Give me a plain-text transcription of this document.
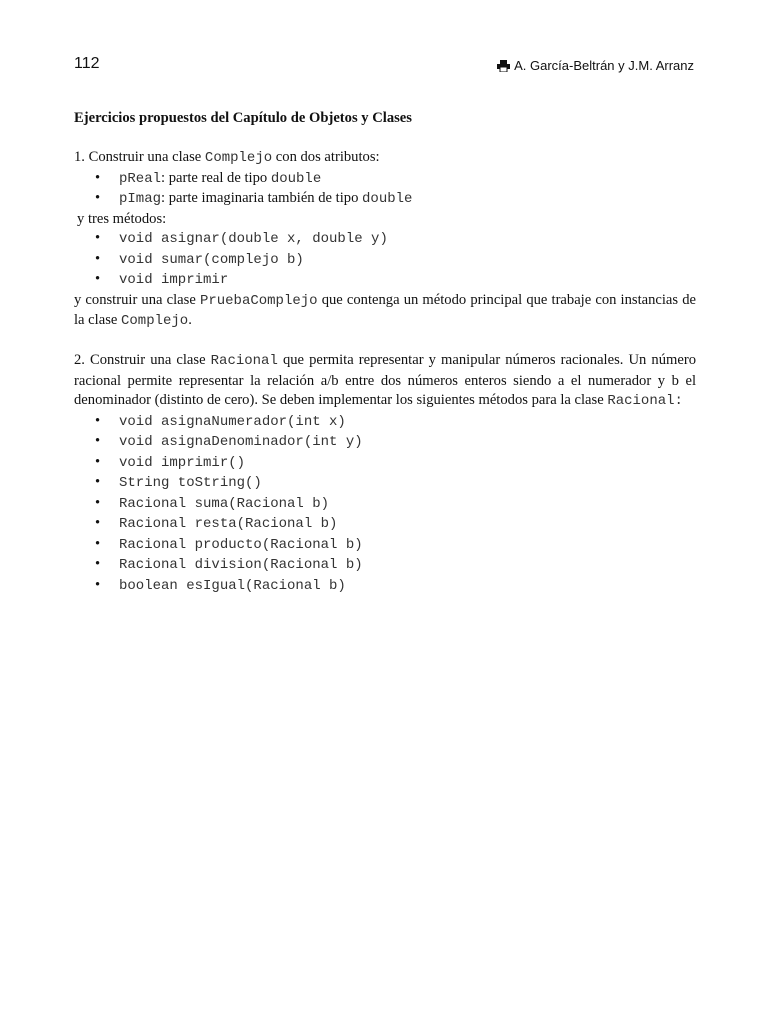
112	A. García-Beltrán y J.M. Arranz
Ejercicios propuestos del Capítulo de Objetos y Clases

1. Construir una clase Complejo con dos atributos:

• pReal: parte real de tipo double
• pImag: parte imaginaria también de tipo double

y tres métodos:

• void asignar(double x, double y)
• void sumar(complejo b)
• void imprimir

y construir una clase PruebaComplejo que contenga un método principal que trabaje con instancias de la clase Complejo.

2. Construir una clase Racional que permita representar y manipular números racionales. Un número racional permite representar la relación a/b entre dos números enteros siendo a el numerador y b el denominador (distinto de cero). Se deben implementar los siguientes métodos para la clase Racional:

• void asignaNumerador(int x)
• void asignaDenominador(int y)
• void imprimir()
• String toString()
• Racional suma(Racional b)
• Racional resta(Racional b)
• Racional producto(Racional b)
• Racional division(Racional b)
• boolean esIgual(Racional b)
